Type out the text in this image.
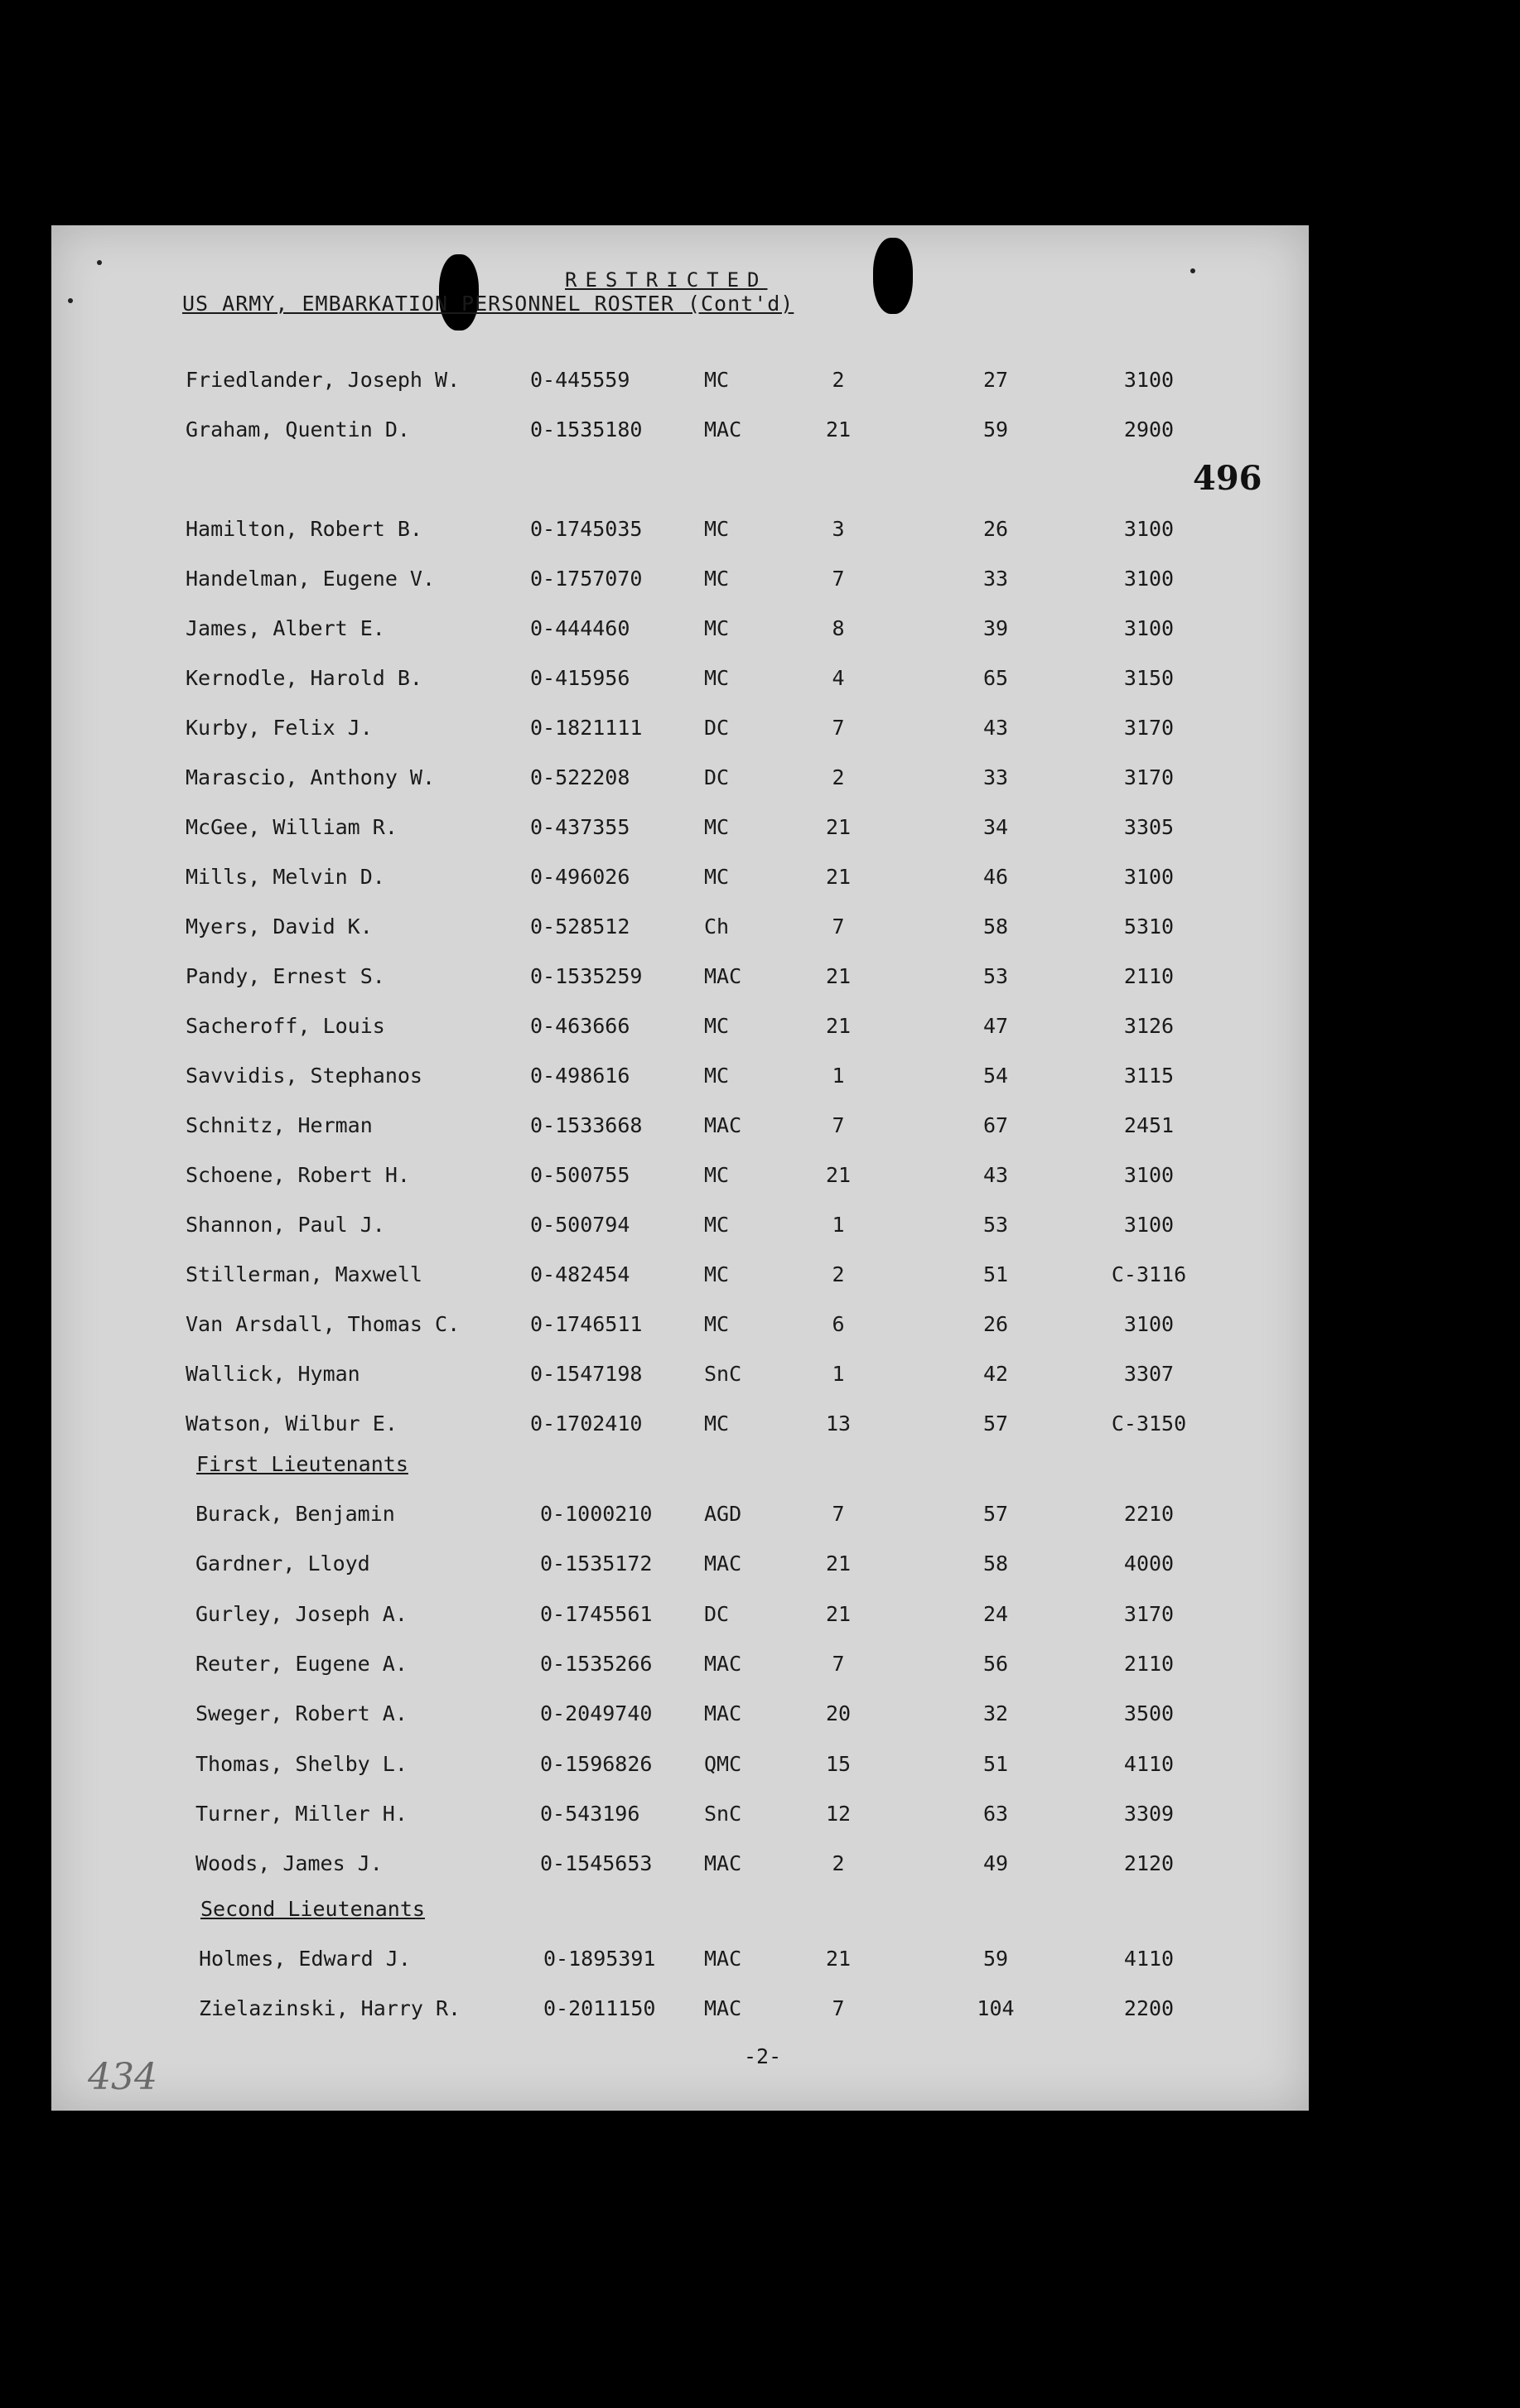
RESTRICTED
US ARMY, EMBARKATION PERSONNEL ROSTER (Cont'd)
496
Friedlander, Joseph W.	0-445559	MC	2	27	3100
Graham, Quentin D.	0-1535180	MAC	21	59	2900
Hamilton, Robert B.	0-1745035	MC	3	26	3100
Handelman, Eugene V.	0-1757070	MC	7	33	3100
James, Albert E.	0-444460	MC	8	39	3100
Kernodle, Harold B.	0-415956	MC	4	65	3150
Kurby, Felix J.	0-1821111	DC	7	43	3170
Marascio, Anthony W.	0-522208	DC	2	33	3170
McGee, William R.	0-437355	MC	21	34	3305
Mills, Melvin D.	0-496026	MC	21	46	3100
Myers, David K.	0-528512	Ch	7	58	5310
Pandy, Ernest S.	0-1535259	MAC	21	53	2110
Sacheroff, Louis	0-463666	MC	21	47	3126
Savvidis, Stephanos	0-498616	MC	1	54	3115
Schnitz, Herman	0-1533668	MAC	7	67	2451
Schoene, Robert H.	0-500755	MC	21	43	3100
Shannon, Paul J.	0-500794	MC	1	53	3100
Stillerman, Maxwell	0-482454	MC	2	51	C-3116
Van Arsdall, Thomas C.	0-1746511	MC	6	26	3100
Wallick, Hyman	0-1547198	SnC	1	42	3307
Watson, Wilbur E.	0-1702410	MC	13	57	C-3150
Burack, Benjamin	0-1000210	AGD	7	57	2210
Gardner, Lloyd	0-1535172	MAC	21	58	4000
Gurley, Joseph A.	0-1745561	DC	21	24	3170
Reuter, Eugene A.	0-1535266	MAC	7	56	2110
Sweger, Robert A.	0-2049740	MAC	20	32	3500
Thomas, Shelby L.	0-1596826	QMC	15	51	4110
Turner, Miller H.	0-543196	SnC	12	63	3309
Woods, James J.	0-1545653	MAC	2	49	2120
Holmes, Edward J.	0-1895391 MAC	21	59	4110
Zielazinski, Harry R.	0-2011150 MAC	7	104	2200
First Lieutenants
Second Lieutenants
-2-
434
